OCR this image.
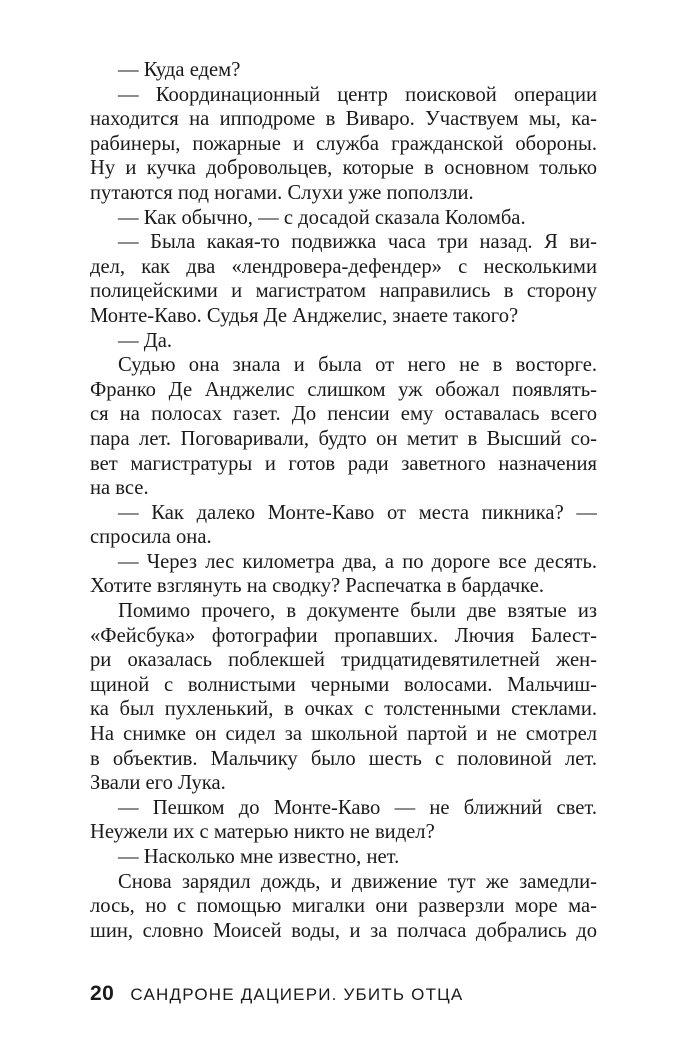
— Куда едем?
— Координационный центр поисковой операции
находится на ипподроме в Виваро. Участвуем мы, ка-
рабинеры, пожарные и служба гражданской обороны.
Ну и кучка добровольцев, которые в основном только
путаются под ногами. Слухи уже поползли.
— Как обычно, — с досадой сказала Коломба.
— Была какая-то подвижка часа три назад. Я ви-
дел, как два «лендровера-дефендер» с несколькими
полицейскими и магистратом направились в сторону
Монте-Каво. Судья Де Анджелис, знаете такого?
— Да.
Судью она знала и была от него не в восторге.
Франко Де Анджелис слишком уж обожал появлять-
ся на полосах газет. До пенсии ему оставалась всего
пара лет. Поговаривали, будто он метит в Высший со-
вет магистратуры и готов ради заветного назначения
на все.
— Как далеко Монте-Каво от места пикника? —
спросила она.
— Через лес километра два, а по дороге все десять.
Хотите взглянуть на сводку? Распечатка в бардачке.
Помимо прочего, в документе были две взятые из
«Фейсбука» фотографии пропавших. Лючия Балест-
ри оказалась поблекшей тридцатидевятилетней жен-
щиной с волнистыми черными волосами. Мальчиш-
ка был пухленький, в очках с толстенными стеклами.
На снимке он сидел за школьной партой и не смотрел
в объектив. Мальчику было шесть с половиной лет.
Звали его Лука.
— Пешком до Монте-Каво — не ближний свет.
Неужели их с матерью никто не видел?
— Насколько мне известно, нет.
Снова зарядил дождь, и движение тут же замедли-
лось, но с помощью мигалки они разверзли море ма-
шин, словно Моисей воды, и за полчаса добрались до
20 САНДРОНЕ ДАЦИЕРИ. УБИТЬ ОТЦА
